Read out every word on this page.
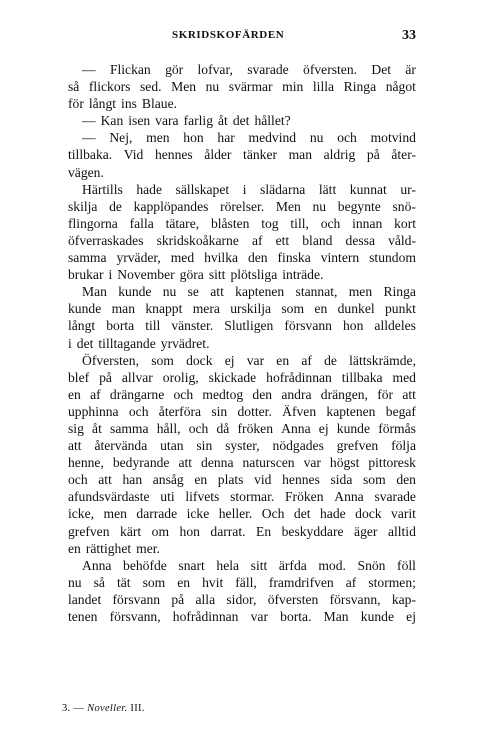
SKRIDSKOFÄRDEN	33
— Flickan gör lofvar, svarade öfversten. Det är
så flickors sed. Men nu svärmar min lilla Ringa något
för långt ins Blaue.
— Kan isen vara farlig åt det hållet?
— Nej, men hon har medvind nu och motvind
tillbaka. Vid hennes ålder tänker man aldrig på åter-
vägen.
Härtills hade sällskapet i slädarna lätt kunnat ur-
skilja de kapplöpandes rörelser. Men nu begynte snö-
flingorna falla tätare, blåsten tog till, och innan kort
öfverraskades skridskoåkarne af ett bland dessa våld-
samma yrväder, med hvilka den finska vintern stundom
brukar i November göra sitt plötsliga inträde.
Man kunde nu se att kaptenen stannat, men Ringa
kunde man knappt mera urskilja som en dunkel punkt
långt borta till vänster. Slutligen försvann hon alldeles
i det tilltagande yrvädret.
Öfversten, som dock ej var en af de lättskrämde,
blef på allvar orolig, skickade hofrådinnan tillbaka med
en af drängarne och medtog den andra drängen, för att
upphinna och återföra sin dotter. Äfven kaptenen begaf
sig åt samma håll, och då fröken Anna ej kunde förmås
att återvända utan sin syster, nödgades grefven följa
henne, bedyrande att denna naturscen var högst pittoresk
och att han ansåg en plats vid hennes sida som den
afundsvärdaste uti lifvets stormar. Fröken Anna svarade
icke, men darrade icke heller. Och det hade dock varit
grefven kärt om hon darrat. En beskyddare äger alltid
en rättighet mer.
Anna behöfde snart hela sitt ärfda mod. Snön föll
nu så tät som en hvit fäll, framdrifven af stormen;
landet försvann på alla sidor, öfversten försvann, kap-
tenen försvann, hofrådinnan var borta. Man kunde ej
3. — Noveller. III.
